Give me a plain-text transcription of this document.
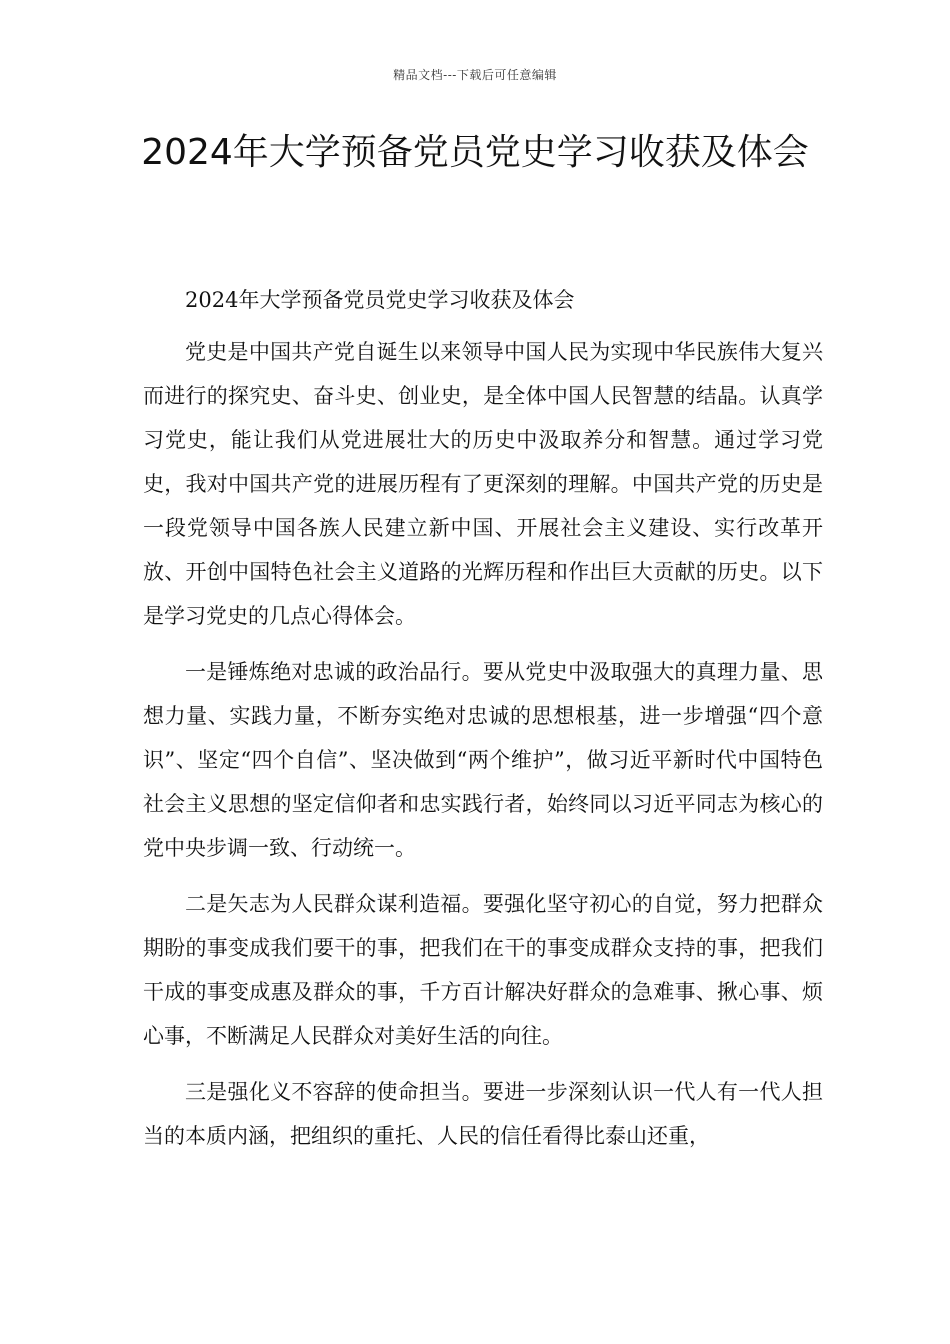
精品文档---下载后可任意编辑
2024年大学预备党员党史学习收获及体会

2024年大学预备党员党史学习收获及体会

党史是中国共产党自诞生以来领导中国人民为实现中华民族伟大复兴而进行的探究史、奋斗史、创业史，是全体中国人民智慧的结晶。认真学习党史，能让我们从党进展壮大的历史中汲取养分和智慧。通过学习党史，我对中国共产党的进展历程有了更深刻的理解。中国共产党的历史是一段党领导中国各族人民建立新中国、开展社会主义建设、实行改革开放、开创中国特色社会主义道路的光辉历程和作出巨大贡献的历史。以下是学习党史的几点心得体会。

一是锤炼绝对忠诚的政治品行。要从党史中汲取强大的真理力量、思想力量、实践力量，不断夯实绝对忠诚的思想根基，进一步增强“四个意识”、坚定“四个自信”、坚决做到“两个维护”，做习近平新时代中国特色社会主义思想的坚定信仰者和忠实践行者，始终同以习近平同志为核心的党中央步调一致、行动统一。

二是矢志为人民群众谋利造福。要强化坚守初心的自觉，努力把群众期盼的事变成我们要干的事，把我们在干的事变成群众支持的事，把我们干成的事变成惠及群众的事，千方百计解决好群众的急难事、揪心事、烦心事，不断满足人民群众对美好生活的向往。

三是强化义不容辞的使命担当。要进一步深刻认识一代人有一代人担当的本质内涵，把组织的重托、人民的信任看得比泰山还重，
